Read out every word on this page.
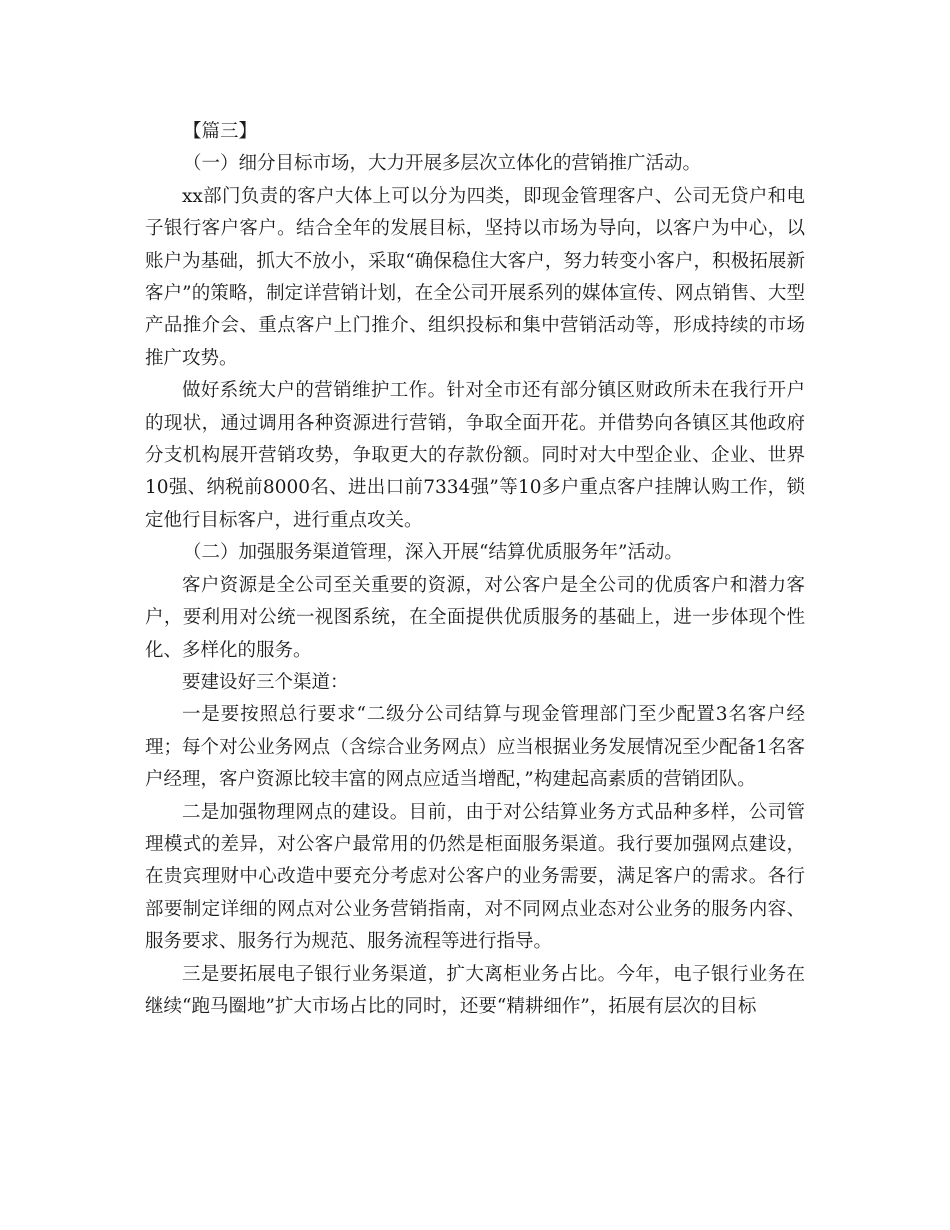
【篇三】

（一）细分目标市场，大力开展多层次立体化的营销推广活动。

xx部门负责的客户大体上可以分为四类，即现金管理客户、公司无贷户和电子银行客户客户。结合全年的发展目标，坚持以市场为导向，以客户为中心，以账户为基础，抓大不放小，采取“确保稳住大客户，努力转变小客户，积极拓展新客户”的策略，制定详营销计划，在全公司开展系列的媒体宣传、网点销售、大型产品推介会、重点客户上门推介、组织投标和集中营销活动等，形成持续的市场推广攻势。

做好系统大户的营销维护工作。针对全市还有部分镇区财政所未在我行开户的现状，通过调用各种资源进行营销，争取全面开花。并借势向各镇区其他政府分支机构展开营销攻势，争取更大的存款份额。同时对大中型企业、企业、世界10强、纳税前8000名、进出口前7334强”等10多户重点客户挂牌认购工作，锁定他行目标客户，进行重点攻关。

（二）加强服务渠道管理，深入开展“结算优质服务年”活动。

客户资源是全公司至关重要的资源，对公客户是全公司的优质客户和潜力客户，要利用对公统一视图系统，在全面提供优质服务的基础上，进一步体现个性化、多样化的服务。

要建设好三个渠道：

一是要按照总行要求“二级分公司结算与现金管理部门至少配置3名客户经理；每个对公业务网点（含综合业务网点）应当根据业务发展情况至少配备1名客户经理，客户资源比较丰富的网点应适当增配，”构建起高素质的营销团队。

二是加强物理网点的建设。目前，由于对公结算业务方式品种多样，公司管理模式的差异，对公客户最常用的仍然是柜面服务渠道。我行要加强网点建设，在贵宾理财中心改造中要充分考虑对公客户的业务需要，满足客户的需求。各行部要制定详细的网点对公业务营销指南，对不同网点业态对公业务的服务内容、服务要求、服务行为规范、服务流程等进行指导。

三是要拓展电子银行业务渠道，扩大离柜业务占比。今年，电子银行业务在继续“跑马圈地”扩大市场占比的同时，还要“精耕细作”，拓展有层次的目标
